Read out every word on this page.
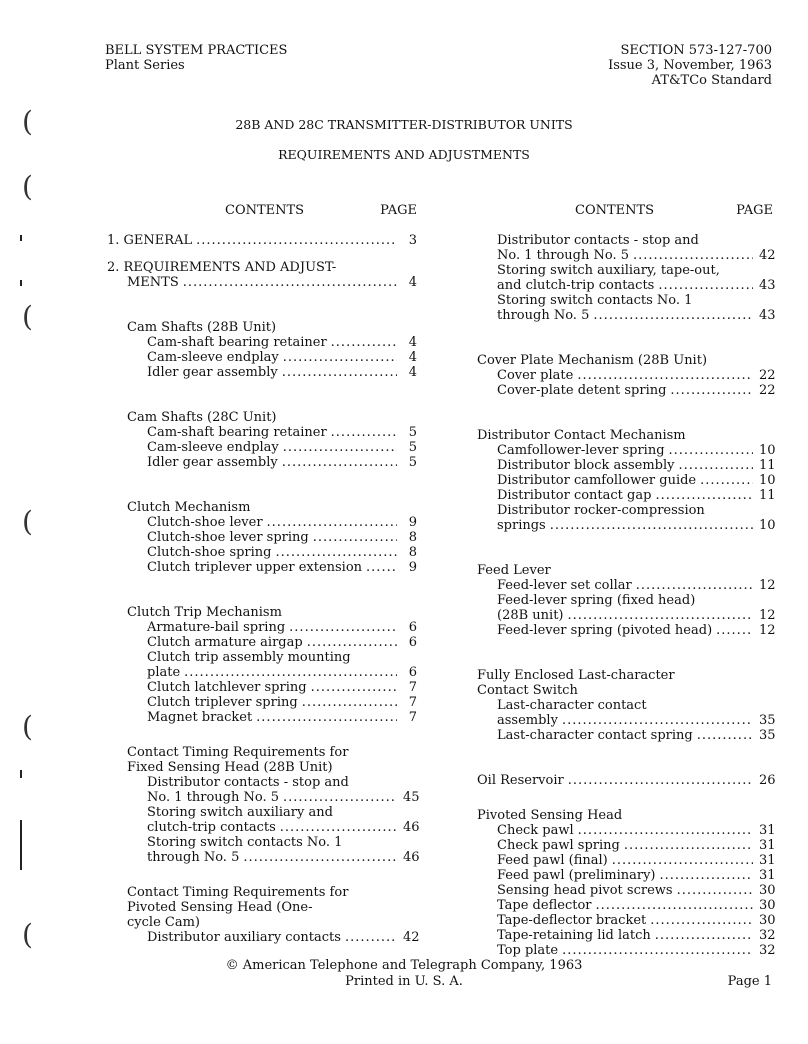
(
(
(
(
(
(
BELL SYSTEM PRACTICES
Plant Series
SECTION 573-127-700
Issue 3, November, 1963
AT&TCo Standard
28B AND 28C TRANSMITTER-DISTRIBUTOR UNITS
REQUIREMENTS AND ADJUSTMENTS
CONTENTS	PAGE
1. GENERAL .....	3
2. REQUIREMENTS AND ADJUST-
MENTS .....	4
Cam Shafts (28B Unit)
Cam-shaft bearing retainer .....	4
Cam-sleeve endplay .....	4
Idler gear assembly .....	4
Cam Shafts (28C Unit)
Cam-shaft bearing retainer .....	5
Cam-sleeve endplay .....	5
Idler gear assembly .....	5
Clutch Mechanism
Clutch-shoe lever .....	9
Clutch-shoe lever spring .....	8
Clutch-shoe spring .....	8
Clutch triplever upper extension .....	9
Clutch Trip Mechanism
Armature-bail spring .....	6
Clutch armature airgap .....	6
Clutch trip assembly mounting
plate .....	6
Clutch latchlever spring .....	7
Clutch triplever spring .....	7
Magnet bracket .....	7
Contact Timing Requirements for
Fixed Sensing Head (28B Unit)
Distributor contacts - stop and
No. 1 through No. 5 .....	45
Storing switch auxiliary and
clutch-trip contacts .....	46
Storing switch contacts No. 1
through No. 5 .....	46
Contact Timing Requirements for
Pivoted Sensing Head (One-
cycle Cam)
Distributor auxiliary contacts .....	42
CONTENTS	PAGE
Distributor contacts - stop and
No. 1 through No. 5 .....	42
Storing switch auxiliary, tape-out,
and clutch-trip contacts .....	43
Storing switch contacts No. 1
through No. 5 .....	43
Cover Plate Mechanism (28B Unit)
Cover plate .....	22
Cover-plate detent spring .....	22
Distributor Contact Mechanism
Camfollower-lever spring .....	10
Distributor block assembly .....	11
Distributor camfollower guide .....	10
Distributor contact gap .....	11
Distributor rocker-compression
springs .....	10
Feed Lever
Feed-lever set collar .....	12
Feed-lever spring (fixed head)
(28B unit) .....	12
Feed-lever spring (pivoted head) .....	12
Fully Enclosed Last-character
Contact Switch
Last-character contact
assembly .....	35
Last-character contact spring .....	35
Oil Reservoir .....	26
Pivoted Sensing Head
Check pawl .....	31
Check pawl spring .....	31
Feed pawl (final) .....	31
Feed pawl (preliminary) .....	31
Sensing head pivot screws .....	30
Tape deflector .....	30
Tape-deflector bracket .....	30
Tape-retaining lid latch .....	32
Top plate .....	32
© American Telephone and Telegraph Company, 1963
Printed in U. S. A.	Page 1
